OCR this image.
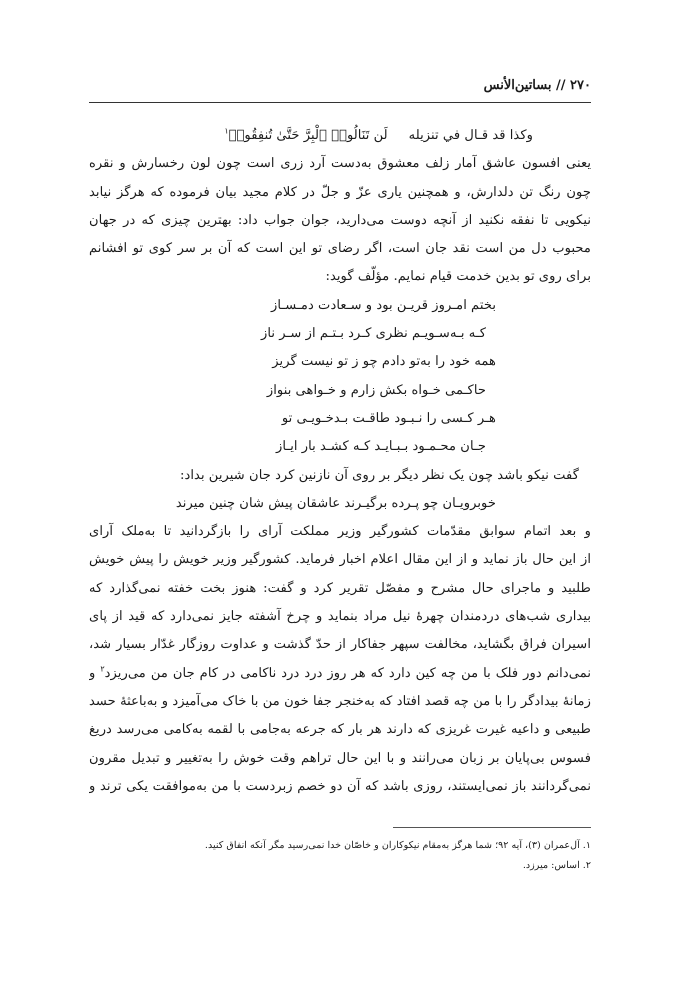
۲۷۰ // بساتين‌الأنس
وكذا قد قـال في تنزيله     لَن تَنَالُوا۟ ٱلْبِرَّ حَتَّىٰ تُنفِقُوا۟$^۱$
یعنی افسون عاشق آمار زلف معشوق به‌دست آرد زری است چون لون رخسارش و نقره
چون رنگ تن دلدارش، و همچنین یاری عزّ و جلّ در کلام مجید بیان فرموده که هرگز نیابد
نیکویی تا نفقه نکنید از آنچه دوست می‌دارید، جوان جواب داد: بهترین چیزی که در جهان
محبوب دل من است نقد جان است، اگر رضای تو این است که آن بر سر کوی تو افشانم
برای روی تو بدین خدمت قیام نمایم. مؤلّف گوید:
بختم امـروز قریـن بود و سـعادت دمـسـاز
کـه بـه‌سـویـم نظری کـرد بـتـم از سـر ناز
همه خود را به‌تو دادم چو ز تو نیست گریز
حاکـمی خـواه بکش زارم و خـواهی بنواز
هـر کـسی را نـبـود طاقـت بـدخـویـی تو
جـان محـمـود بـبـایـد کـه کشـد بار ایـاز
گفت نیکو باشد چون یک نظر دیگر بر روی آن نازنین کرد جان شیرین بداد:
خوبرویـان چو پـرده برگیـرند عاشقان پیش شان چنین میرند
و بعد اتمام سوابق مقدّمات کشورگیر وزیر مملکت آرای را بازگردانید تا به‌ملک آرای
از این حال باز نماید و از این مقال اعلام اخبار فرماید. کشورگیر وزیر خویش را پیش خویش
طلبید و ماجرای حال مشرح و مفصّل تقریر کرد و گفت: هنوز بخت خفته نمی‌گذارد که
بیداری شب‌های دردمندان چهرهٔ نیل مراد بنماید و چرخ آشفته جایز نمی‌دارد که قید از پای
اسیران فراق بگشاید، مخالفت سپهر جفاکار از حدّ گذشت و عداوت روزگار غدّار بسیار شد،
نمی‌دانم دور فلک با من چه کین دارد که هر روز درد درد ناکامی در کام جان من می‌ریزد$^۲$ و
زمانهٔ بیدادگر را با من چه قصد افتاد که به‌خنجر جفا خون من با خاک می‌آمیزد و به‌باعثهٔ حسد
طبیعی و داعیه غیرت غریزی که دارند هر بار که جرعه به‌جامی با لقمه به‌کامی می‌رسد دریغ
فسوس بی‌پایان بر زبان می‌رانند و با این حال تراهم وقت خوش را به‌تغییر و تبدیل مقرون
نمی‌گردانند باز نمی‌ایستند، روزی باشد که آن دو خصم زبردست با من به‌موافقت یکی ترند و
۱. آل‌عمران (۳)، آیه ۹۲؛ شما هرگز به‌مقام نیکوکاران و خاصّان خدا نمی‌رسید مگر آنکه انفاق کنید.
۲. اساس: میرزد.
